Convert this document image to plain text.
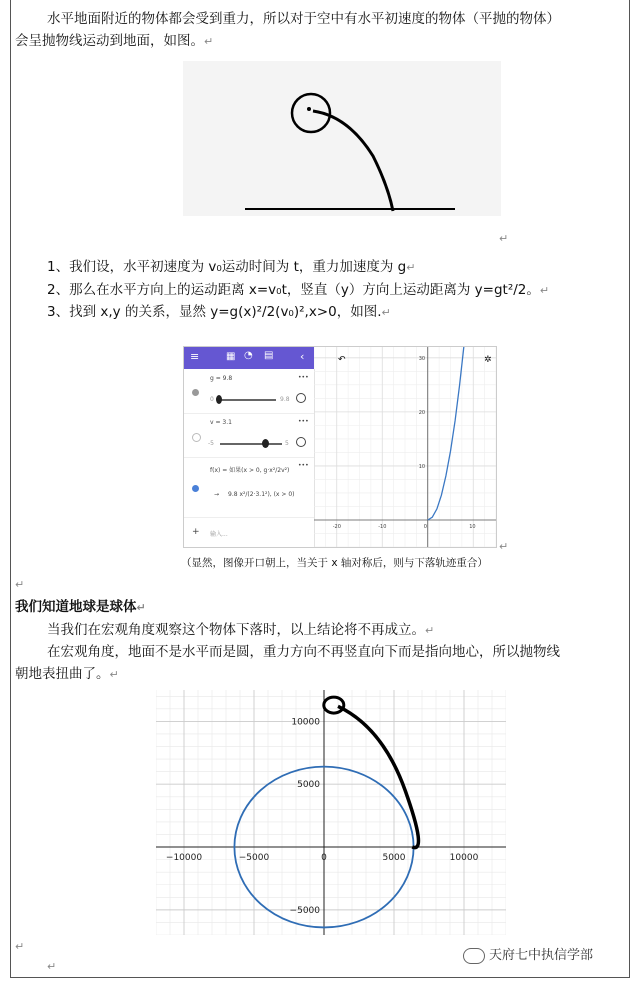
水平地面附近的物体都会受到重力，所以对于空中有水平初速度的物体（平抛的物体）
会呈抛物线运动到地面，如图。↵
↵
1、我们设，水平初速度为 v₀运动时间为 t，重力加速度为 g↵
2、那么在水平方向上的运动距离 x=v₀t，竖直（y）方向上运动距离为 y=gt²/2。↵
3、找到 x,y 的关系，显然 y=g(x)²/2(v₀)²,x>0，如图.↵
≡	▦ ◔ ▤ ‹
g = 9.8	•••
0	9.8
v = 3.1	•••
-5	5
f(x) = 如果(x > 0, g·x²/2v²)
•••
→ 9.8 x²/(2·3.1²), (x > 0)
+ 输入...
-20	-10	0	10
10
20
30
↶	✲
↵
（显然，图像开口朝上，当关于 x 轴对称后，则与下落轨迹重合）
↵
我们知道地球是球体↵
当我们在宏观角度观察这个物体下落时，以上结论将不再成立。↵
在宏观角度，地面不是水平而是圆，重力方向不再竖直向下而是指向地心，所以抛物线
朝地表扭曲了。↵
−10000	−5000	0	5000	10000
−5000
5000
10000
↵
↵
天府七中执信学部
